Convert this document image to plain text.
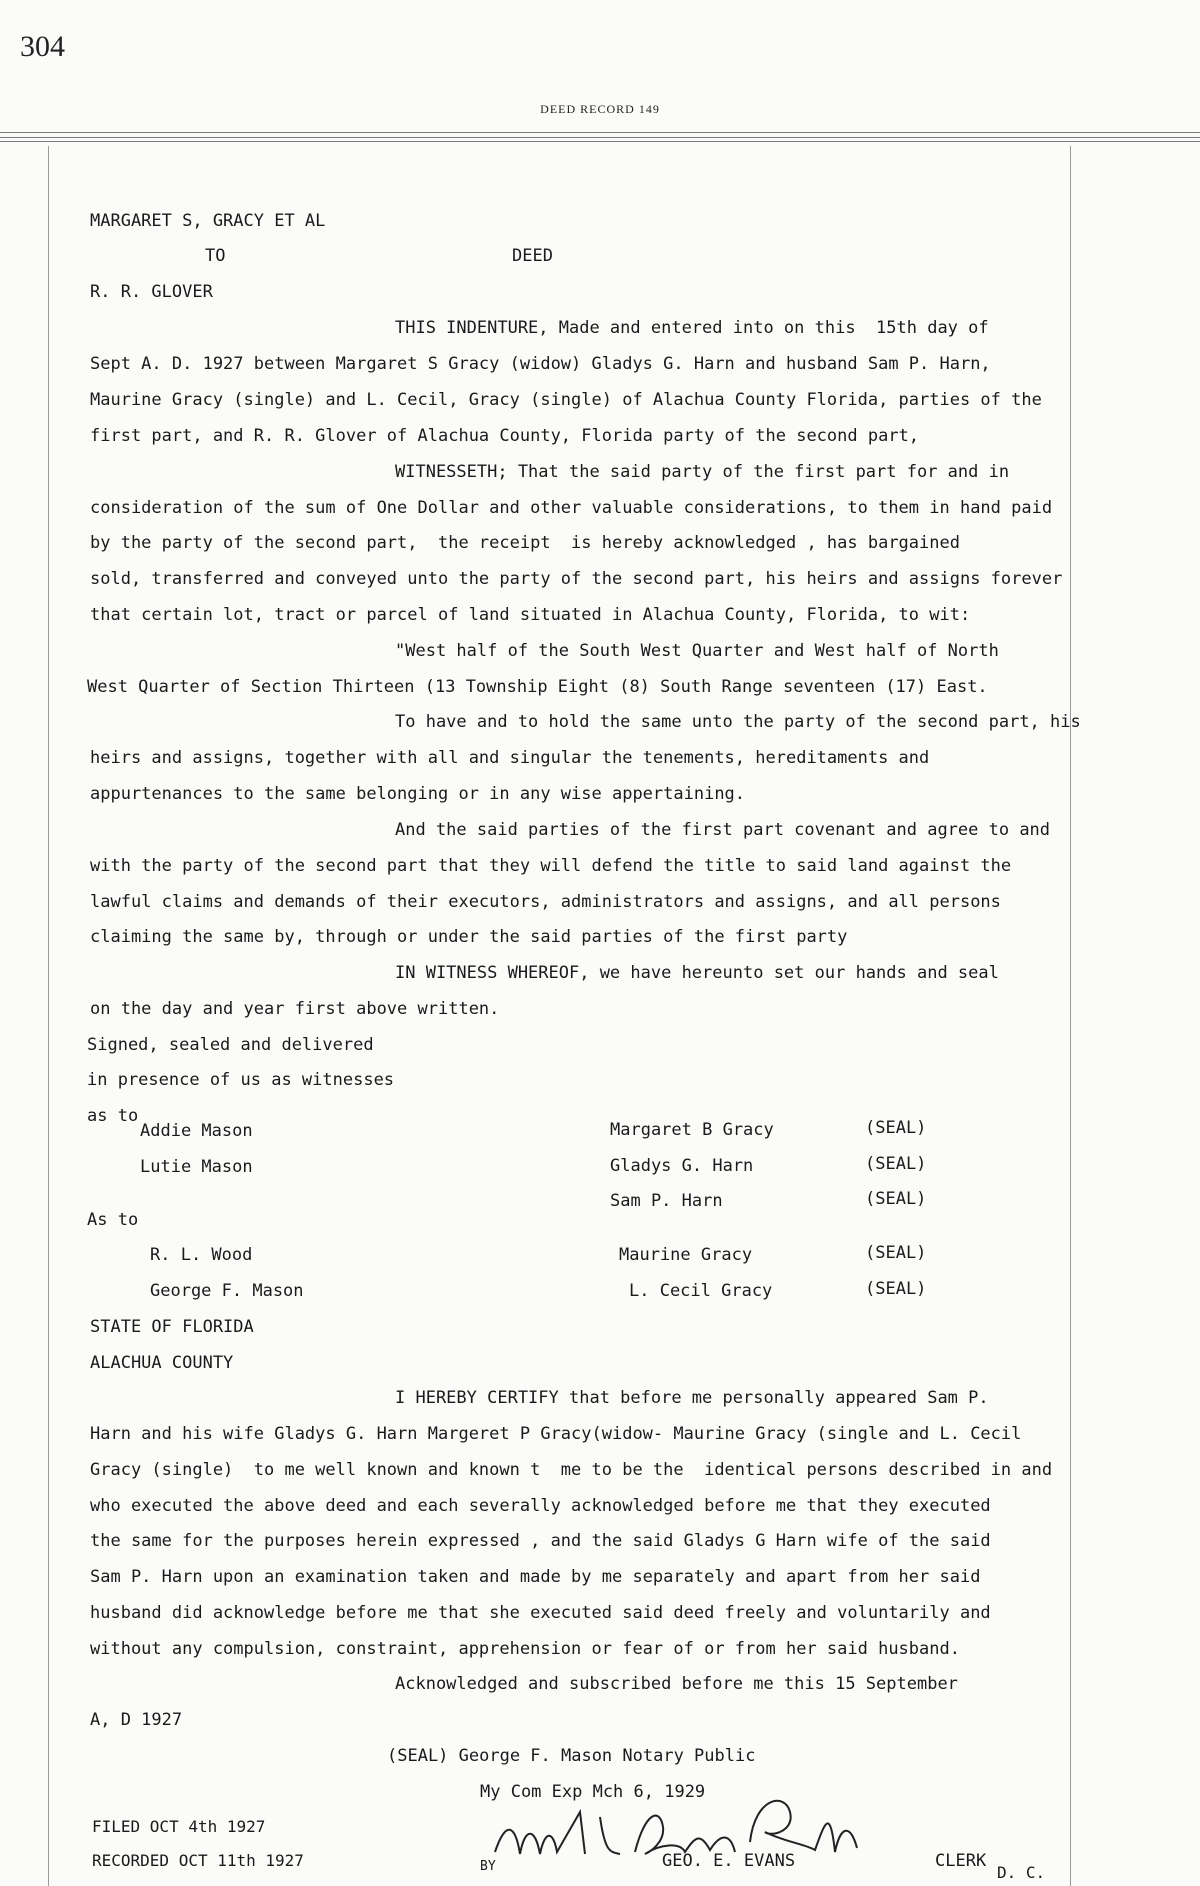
304
DEED RECORD 149
MARGARET S, GRACY ET AL
TO	DEED
R. R. GLOVER
THIS INDENTURE, Made and entered into on this  15th day of
Sept A. D. 1927 between Margaret S Gracy (widow) Gladys G. Harn and husband Sam P. Harn,
Maurine Gracy (single) and L. Cecil, Gracy (single) of Alachua County Florida, parties of the
first part, and R. R. Glover of Alachua County, Florida party of the second part,
WITNESSETH; That the said party of the first part for and in
consideration of the sum of One Dollar and other valuable considerations, to them in hand paid
by the party of the second part,  the receipt  is hereby acknowledged , has bargained
sold, transferred and conveyed unto the party of the second part, his heirs and assigns forever
that certain lot, tract or parcel of land situated in Alachua County, Florida, to wit:
"West half of the South West Quarter and West half of North
West Quarter of Section Thirteen (13 Township Eight (8) South Range seventeen (17) East.
To have and to hold the same unto the party of the second part, his
heirs and assigns, together with all and singular the tenements, hereditaments and
appurtenances to the same belonging or in any wise appertaining.
And the said parties of the first part covenant and agree to and
with the party of the second part that they will defend the title to said land against the
lawful claims and demands of their executors, administrators and assigns, and all persons
claiming the same by, through or under the said parties of the first party
IN WITNESS WHEREOF, we have hereunto set our hands and seal
on the day and year first above written.
Signed, sealed and delivered
in presence of us as witnesses
as to
Addie Mason
Lutie Mason
Margaret B Gracy	(SEAL)
Gladys G. Harn	(SEAL)
Sam P. Harn	(SEAL)
As to
R. L. Wood
George F. Mason
Maurine Gracy	(SEAL)
L. Cecil Gracy	(SEAL)
STATE OF FLORIDA
ALACHUA COUNTY
I HEREBY CERTIFY that before me personally appeared Sam P.
Harn and his wife Gladys G. Harn Margeret P Gracy(widow- Maurine Gracy (single and L. Cecil
Gracy (single)  to me well known and known t  me to be the  identical persons described in and
who executed the above deed and each severally acknowledged before me that they executed
the same for the purposes herein expressed , and the said Gladys G Harn wife of the said
Sam P. Harn upon an examination taken and made by me separately and apart from her said
husband did acknowledge before me that she executed said deed freely and voluntarily and
without any compulsion, constraint, apprehension or fear of or from her said husband.
Acknowledged and subscribed before me this 15 September
A, D 1927
(SEAL) George F. Mason Notary Public
My Com Exp Mch 6, 1929
FILED OCT 4th 1927
RECORDED OCT 11th 1927	BY	GEO. E. EVANS	CLERK
D. C.
